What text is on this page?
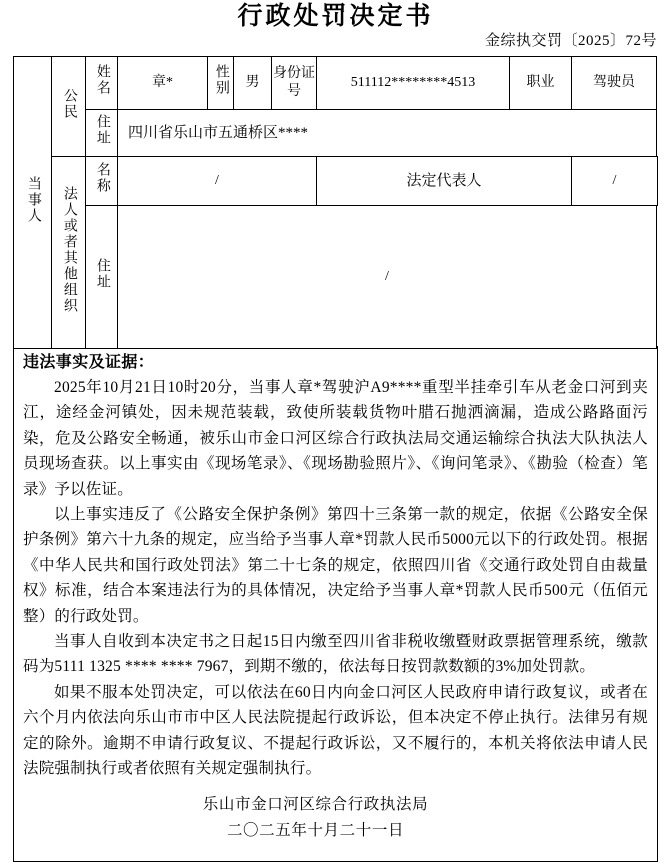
行政处罚决定书
金综执交罚〔2025〕72号
当事人	公民	姓名	章*	性别	男	身份证号	511112********4513	职业	驾驶员
		住址	四川省乐山市五通桥区****						
	法人或者其他组织	名称	/				法定代表人		/
		住址	/						
违法事实及证据：

2025年10月21日10时20分，当事人章*驾驶沪A9****重型半挂牵引车从老金口河到夹江，途经金河镇处，因未规范装载，致使所装载货物叶腊石抛洒滴漏，造成公路路面污染，危及公路安全畅通，被乐山市金口河区综合行政执法局交通运输综合执法大队执法人员现场查获。以上事实由《现场笔录》、《现场勘验照片》、《询问笔录》、《勘验（检查）笔录》予以佐证。

以上事实违反了《公路安全保护条例》第四十三条第一款的规定，依据《公路安全保护条例》第六十九条的规定，应当给予当事人章*罚款人民币5000元以下的行政处罚。根据《中华人民共和国行政处罚法》第二十七条的规定，依照四川省《交通行政处罚自由裁量权》标准，结合本案违法行为的具体情况，决定给予当事人章*罚款人民币500元（伍佰元整）的行政处罚。

当事人自收到本决定书之日起15日内缴至四川省非税收缴暨财政票据管理系统，缴款码为5111 1325 **** **** 7967，到期不缴的，依法每日按罚款数额的3%加处罚款。

如果不服本处罚决定，可以依法在60日内向金口河区人民政府申请行政复议，或者在六个月内依法向乐山市市中区人民法院提起行政诉讼，但本决定不停止执行。法律另有规定的除外。逾期不申请行政复议、不提起行政诉讼，又不履行的，本机关将依法申请人民法院强制执行或者依照有关规定强制执行。

乐山市金口河区综合行政执法局
二〇二五年十月二十一日
